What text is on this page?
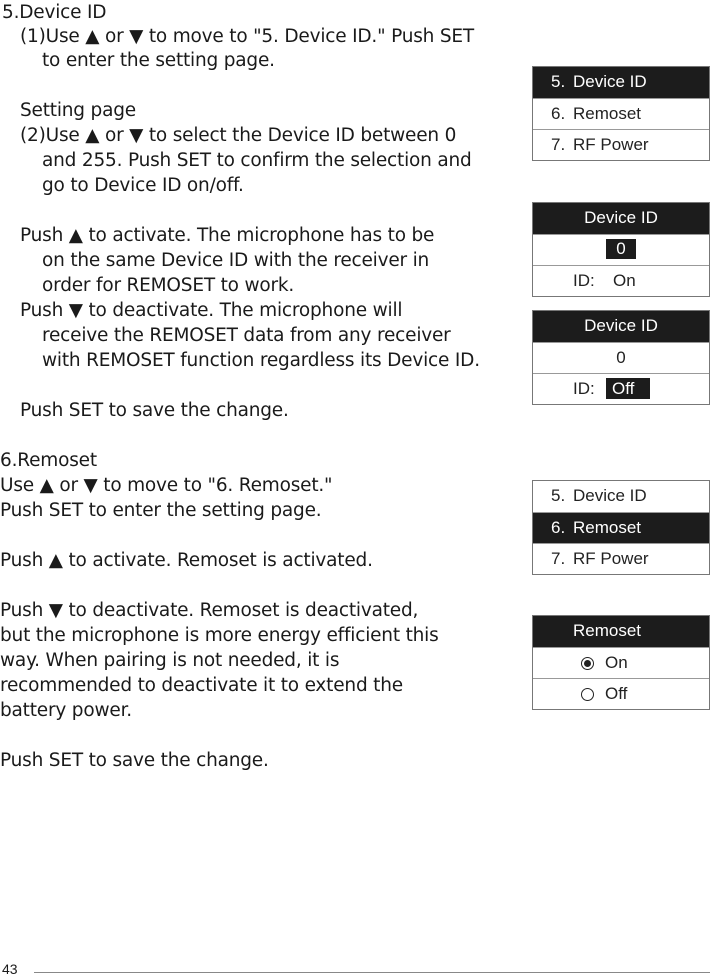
5.Device ID
(1)Use ▲ or ▼ to move to "5. Device ID." Push SET
to enter the setting page.
Setting page
(2)Use ▲ or ▼ to select the Device ID between 0
and 255. Push SET to confirm the selection and
go to Device ID on/off.
Push ▲ to activate. The microphone has to be
on the same Device ID with the receiver in
order for REMOSET to work.
Push ▼ to deactivate. The microphone will
receive the REMOSET data from any receiver
with REMOSET function regardless its Device ID.
Push SET to save the change.
6.Remoset
Use ▲ or ▼ to move to "6. Remoset."
Push SET to enter the setting page.
Push ▲ to activate. Remoset is activated.
Push ▼ to deactivate. Remoset is deactivated,
but the microphone is more energy efficient this
way. When pairing is not needed, it is
recommended to deactivate it to extend the
battery power.
Push SET to save the change.
5. Device ID
6. Remoset
7. RF Power
Device ID
0
ID: On
Device ID
0
ID:	Off
5. Device ID
6. Remoset
7. RF Power
Remoset
On
Off
43
